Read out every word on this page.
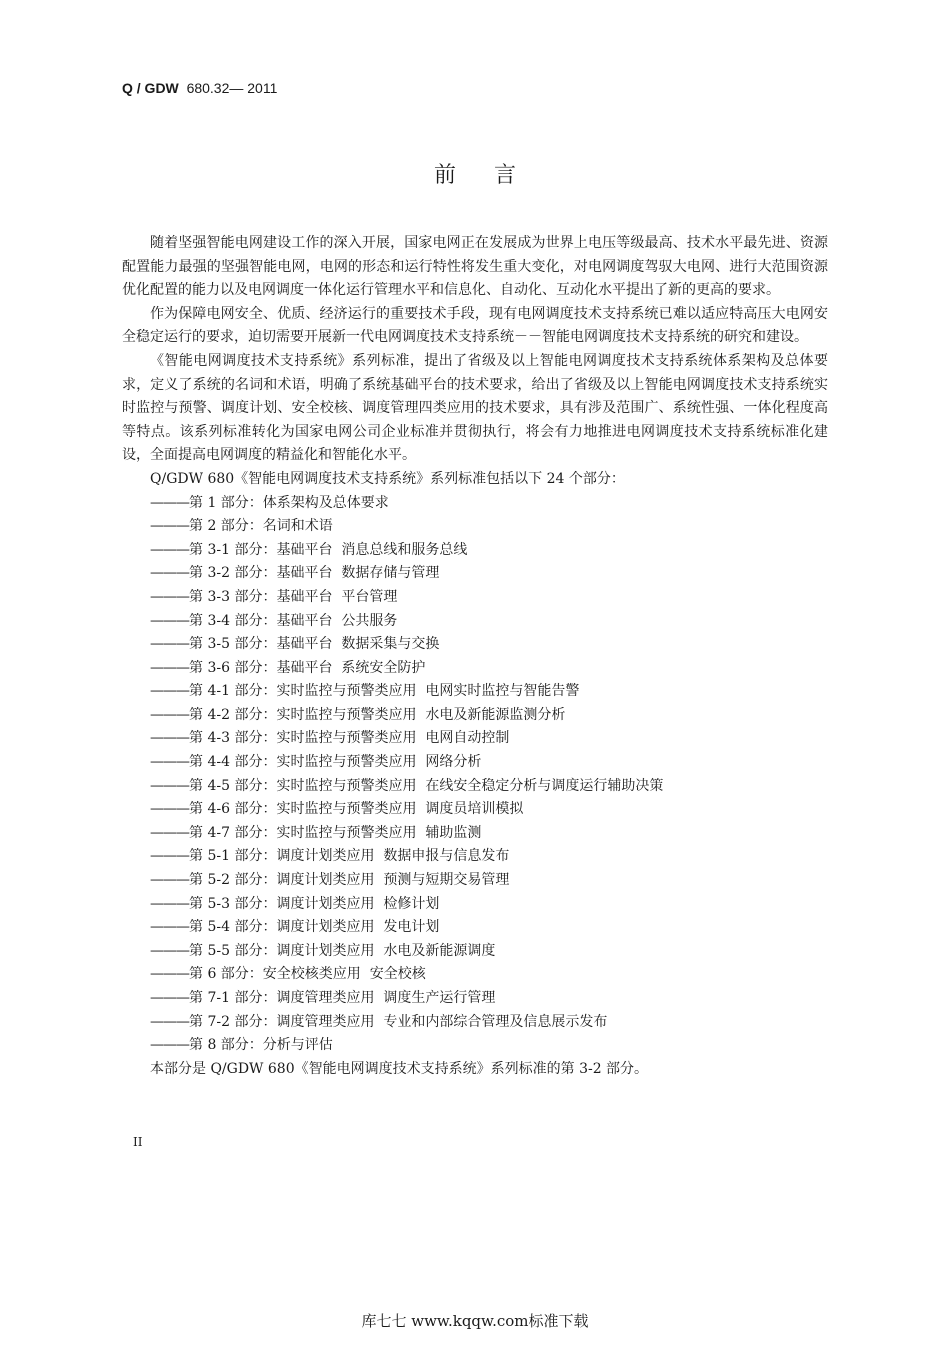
Q / GDW 680.32— 2011
前言

随着坚强智能电网建设工作的深入开展，国家电网正在发展成为世界上电压等级最高、技术水平最先进、资源配置能力最强的坚强智能电网，电网的形态和运行特性将发生重大变化，对电网调度驾驭大电网、进行大范围资源优化配置的能力以及电网调度一体化运行管理水平和信息化、自动化、互动化水平提出了新的更高的要求。

作为保障电网安全、优质、经济运行的重要技术手段，现有电网调度技术支持系统已难以适应特高压大电网安全稳定运行的要求，迫切需要开展新一代电网调度技术支持系统－－智能电网调度技术支持系统的研究和建设。

《智能电网调度技术支持系统》系列标准，提出了省级及以上智能电网调度技术支持系统体系架构及总体要求，定义了系统的名词和术语，明确了系统基础平台的技术要求，给出了省级及以上智能电网调度技术支持系统实时监控与预警、调度计划、安全校核、调度管理四类应用的技术要求，具有涉及范围广、系统性强、一体化程度高等特点。该系列标准转化为国家电网公司企业标准并贯彻执行，将会有力地推进电网调度技术支持系统标准化建设，全面提高电网调度的精益化和智能化水平。

Q/GDW 680《智能电网调度技术支持系统》系列标准包括以下 24 个部分：

———第 1 部分：体系架构及总体要求
———第 2 部分：名词和术语
———第 3-1 部分：基础平台  消息总线和服务总线
———第 3-2 部分：基础平台  数据存储与管理
———第 3-3 部分：基础平台  平台管理
———第 3-4 部分：基础平台  公共服务
———第 3-5 部分：基础平台  数据采集与交换
———第 3-6 部分：基础平台  系统安全防护
———第 4-1 部分：实时监控与预警类应用  电网实时监控与智能告警
———第 4-2 部分：实时监控与预警类应用  水电及新能源监测分析
———第 4-3 部分：实时监控与预警类应用  电网自动控制
———第 4-4 部分：实时监控与预警类应用  网络分析
———第 4-5 部分：实时监控与预警类应用  在线安全稳定分析与调度运行辅助决策
———第 4-6 部分：实时监控与预警类应用  调度员培训模拟
———第 4-7 部分：实时监控与预警类应用  辅助监测
———第 5-1 部分：调度计划类应用  数据申报与信息发布
———第 5-2 部分：调度计划类应用  预测与短期交易管理
———第 5-3 部分：调度计划类应用  检修计划
———第 5-4 部分：调度计划类应用  发电计划
———第 5-5 部分：调度计划类应用  水电及新能源调度
———第 6 部分：安全校核类应用  安全校核
———第 7-1 部分：调度管理类应用  调度生产运行管理
———第 7-2 部分：调度管理类应用  专业和内部综合管理及信息展示发布
———第 8 部分：分析与评估

本部分是 Q/GDW 680《智能电网调度技术支持系统》系列标准的第 3-2 部分。

II
库七七 www.kqqw.com标准下载
